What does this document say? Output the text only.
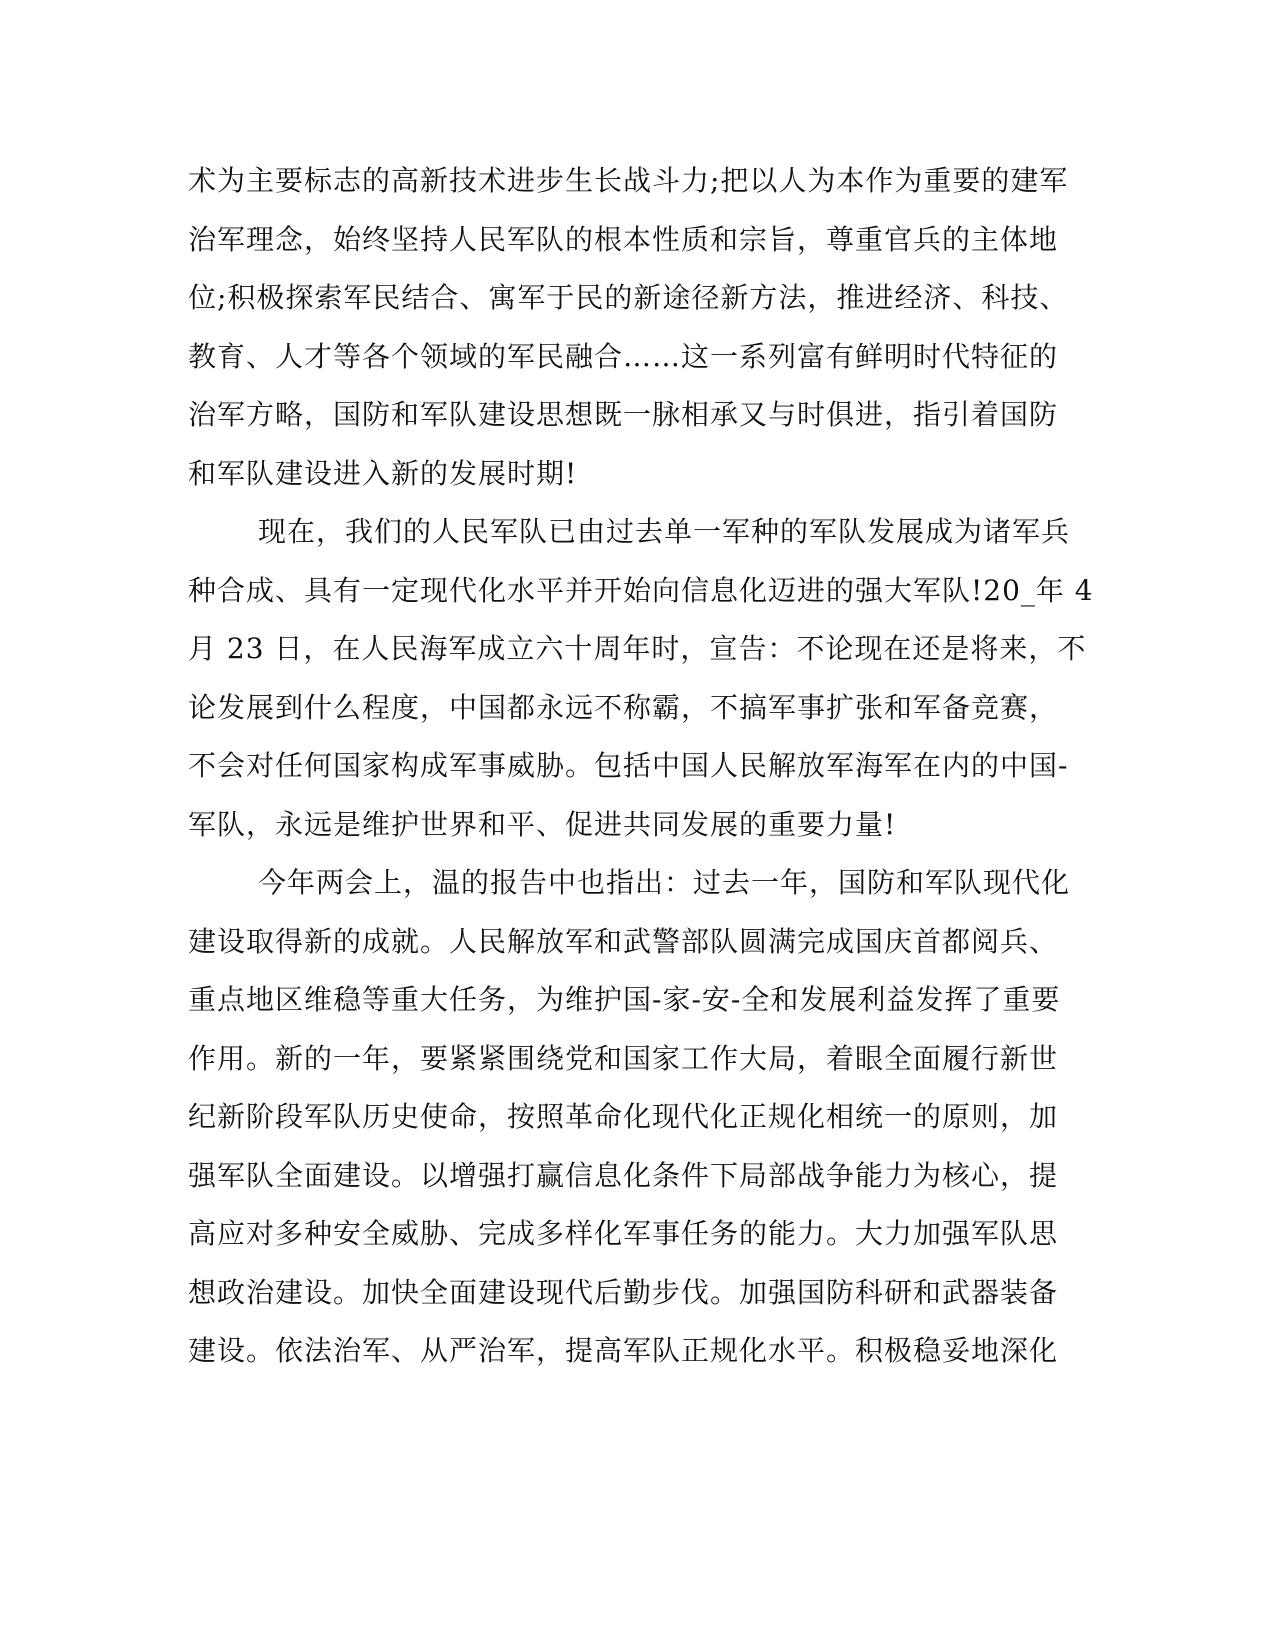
术为主要标志的高新技术进步生长战斗力;把以人为本作为重要的建军
治军理念，始终坚持人民军队的根本性质和宗旨，尊重官兵的主体地
位;积极探索军民结合、寓军于民的新途径新方法，推进经济、科技、
教育、人才等各个领域的军民融合……这一系列富有鲜明时代特征的
治军方略，国防和军队建设思想既一脉相承又与时俱进，指引着国防
和军队建设进入新的发展时期!
现在，我们的人民军队已由过去单一军种的军队发展成为诸军兵
种合成、具有一定现代化水平并开始向信息化迈进的强大军队!20_年 4
月 23 日，在人民海军成立六十周年时，宣告：不论现在还是将来，不
论发展到什么程度，中国都永远不称霸，不搞军事扩张和军备竞赛，
不会对任何国家构成军事威胁。包括中国人民解放军海军在内的中国-
军队，永远是维护世界和平、促进共同发展的重要力量!
今年两会上，温的报告中也指出：过去一年，国防和军队现代化
建设取得新的成就。人民解放军和武警部队圆满完成国庆首都阅兵、
重点地区维稳等重大任务，为维护国-家-安-全和发展利益发挥了重要
作用。新的一年，要紧紧围绕党和国家工作大局，着眼全面履行新世
纪新阶段军队历史使命，按照革命化现代化正规化相统一的原则，加
强军队全面建设。以增强打赢信息化条件下局部战争能力为核心，提
高应对多种安全威胁、完成多样化军事任务的能力。大力加强军队思
想政治建设。加快全面建设现代后勤步伐。加强国防科研和武器装备
建设。依法治军、从严治军，提高军队正规化水平。积极稳妥地深化
